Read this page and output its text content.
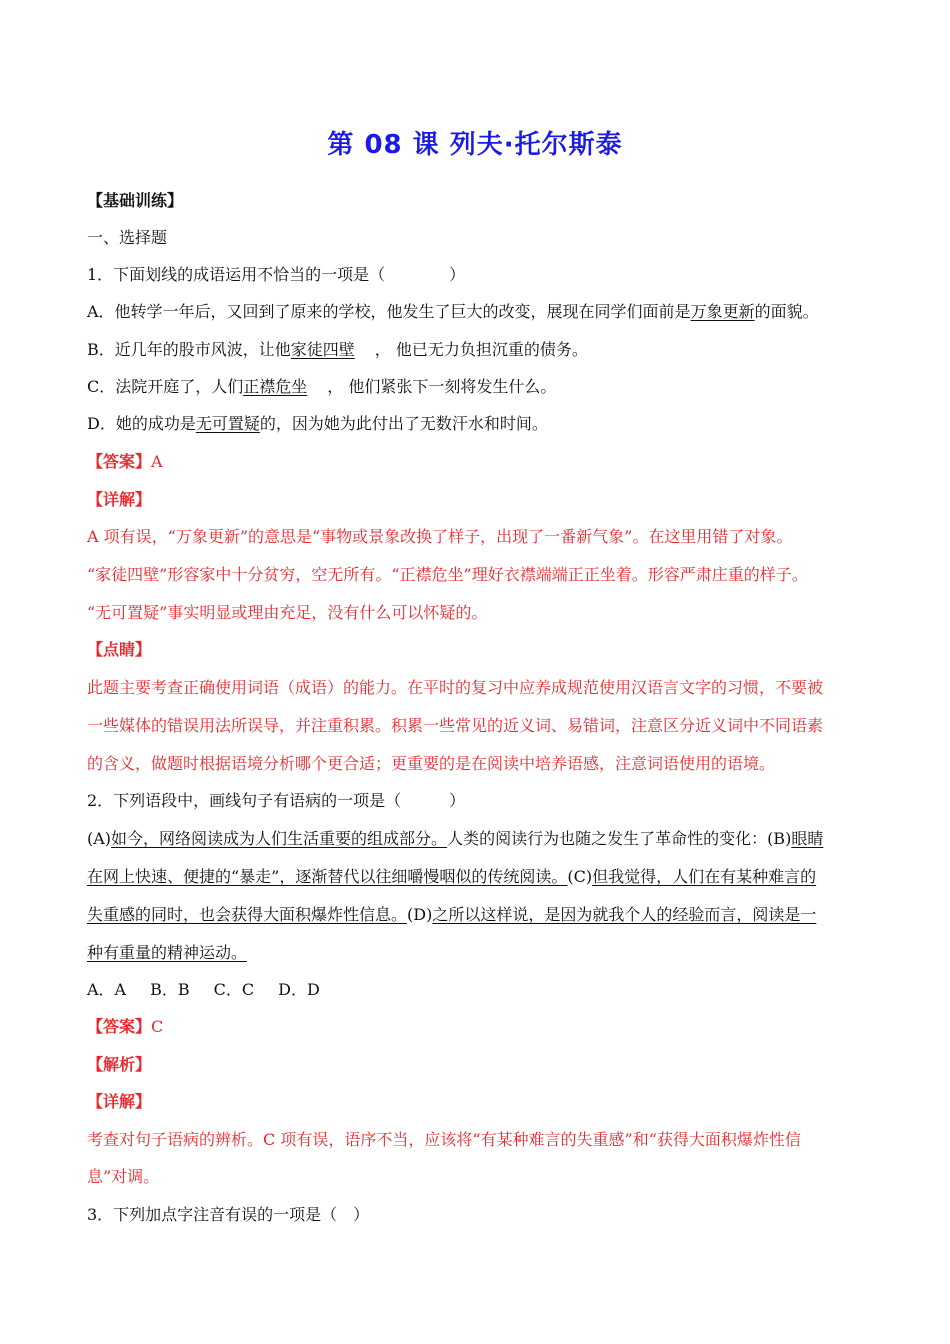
第 08 课 列夫·托尔斯泰
【基础训练】
一、选择题
1．下面划线的成语运用不恰当的一项是（　　　　）
A．他转学一年后，又回到了原来的学校，他发生了巨大的改变，展现在同学们面前是万象更新的面貌。
B．近几年的股市风波，让他家徒四壁 ， 他已无力负担沉重的债务。
C．法院开庭了，人们正襟危坐 ， 他们紧张下一刻将发生什么。
D．她的成功是无可置疑的，因为她为此付出了无数汗水和时间。
【答案】A
【详解】
A 项有误，“万象更新”的意思是“事物或景象改换了样子，出现了一番新气象”。在这里用错了对象。
“家徒四壁”形容家中十分贫穷，空无所有。“正襟危坐”理好衣襟端端正正坐着。形容严肃庄重的样子。
“无可置疑”事实明显或理由充足，没有什么可以怀疑的。
【点睛】
此题主要考查正确使用词语（成语）的能力。在平时的复习中应养成规范使用汉语言文字的习惯，不要被
一些媒体的错误用法所误导，并注重积累。积累一些常见的近义词、易错词，注意区分近义词中不同语素
的含义，做题时根据语境分析哪个更合适；更重要的是在阅读中培养语感，注意词语使用的语境。
2．下列语段中，画线句子有语病的一项是（　　　）
(A)如今，网络阅读成为人们生活重要的组成部分。人类的阅读行为也随之发生了革命性的变化：(B)眼睛
在网上快速、便捷的“暴走”，逐渐替代以往细嚼慢咽似的传统阅读。(C)但我觉得，人们在有某种难言的
失重感的同时，也会获得大面积爆炸性信息。(D)之所以这样说，是因为就我个人的经验而言，阅读是一
种有重量的精神运动。
A．A B．B C．C D．D
【答案】C
【解析】
【详解】
考查对句子语病的辨析。C 项有误，语序不当，应该将“有某种难言的失重感”和“获得大面积爆炸性信
息”对调。
3．下列加点字注音有误的一项是（　）
